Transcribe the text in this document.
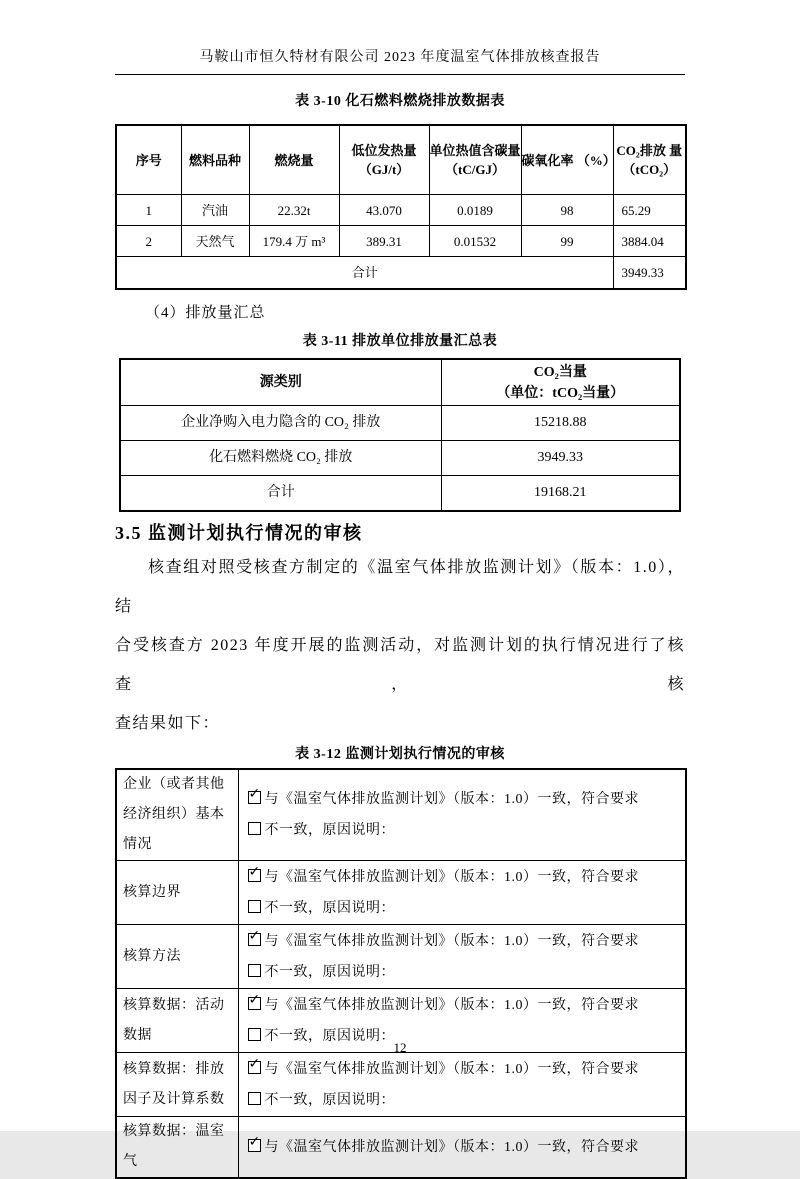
马鞍山市恒久特材有限公司 2023 年度温室气体排放核查报告
表 3-10 化石燃料燃烧排放数据表
序号	燃料品种	燃烧量	低位发热量 （GJ/t）	单位热值含碳量 （tC/GJ）	碳氧化率 （%）	CO₂排放 量（tCO₂）
1	汽油	22.32t	43.070	0.0189	98	65.29
2	天然气	179.4 万 m³	389.31	0.01532	99	3884.04
合计						3949.33
（4）排放量汇总
表 3-11 排放单位排放量汇总表
源类别	CO₂当量
（单位：tCO₂当量）

企业净购入电力隐含的 CO₂ 排放	15218.88
化石燃料燃烧 CO₂ 排放	3949.33
合计	19168.21
3.5 监测计划执行情况的审核
核查组对照受核查方制定的《温室气体排放监测计划》（版本：1.0），结
合受核查方 2023 年度开展的监测活动，对监测计划的执行情况进行了核查，核
查结果如下：
表 3-12 监测计划执行情况的审核
企业（或者其他经济组织）基本情况	✓ 与《温室气体排放监测计划》（版本：1.0）一致，符合要求
不一致，原因说明：

核算边界	✓ 与《温室气体排放监测计划》（版本：1.0）一致，符合要求
不一致，原因说明：

核算方法	✓ 与《温室气体排放监测计划》（版本：1.0）一致，符合要求
不一致，原因说明：

核算数据：活动数据	✓ 与《温室气体排放监测计划》（版本：1.0）一致，符合要求
不一致，原因说明：

核算数据：排放因子及计算系数	✓ 与《温室气体排放监测计划》（版本：1.0）一致，符合要求
不一致，原因说明：

核算数据：温室气	✓ 与《温室气体排放监测计划》（版本：1.0）一致，符合要求
12
